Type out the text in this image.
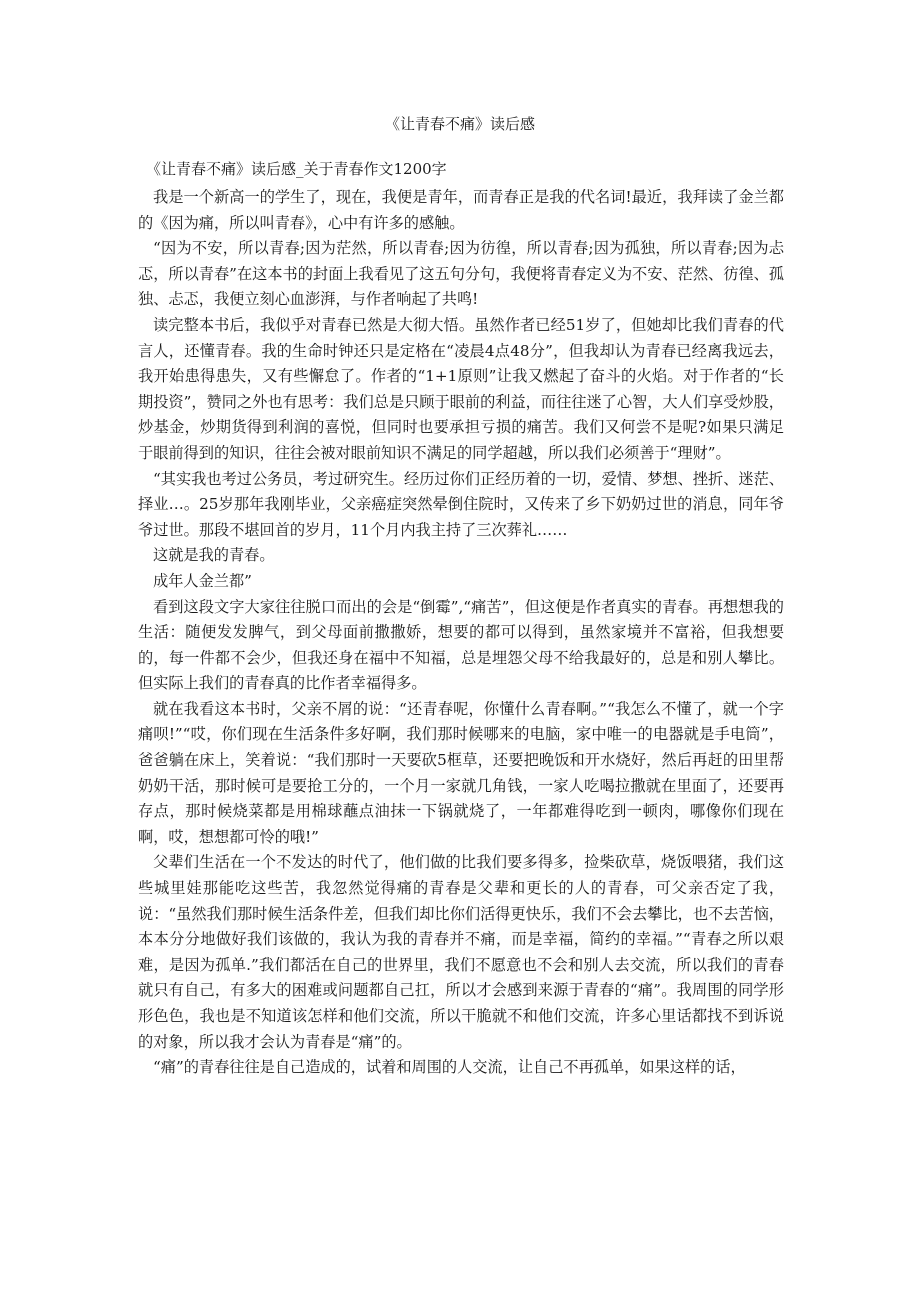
《让青春不痛》读后感
《让青春不痛》读后感_关于青春作文1200字

我是一个新高一的学生了，现在，我便是青年，而青春正是我的代名词!最近，我拜读了金兰都的《因为痛，所以叫青春》，心中有许多的感触。

“因为不安，所以青春;因为茫然，所以青春;因为彷徨，所以青春;因为孤独，所以青春;因为忐忑，所以青春”在这本书的封面上我看见了这五句分句，我便将青春定义为不安、茫然、彷徨、孤独、忐忑，我便立刻心血澎湃，与作者响起了共鸣!

读完整本书后，我似乎对青春已然是大彻大悟。虽然作者已经51岁了，但她却比我们青春的代言人，还懂青春。我的生命时钟还只是定格在“凌晨4点48分”，但我却认为青春已经离我远去，我开始患得患失，又有些懈怠了。作者的“1+1原则”让我又燃起了奋斗的火焰。对于作者的“长期投资”，赞同之外也有思考：我们总是只顾于眼前的利益，而往往迷了心智，大人们享受炒股，炒基金，炒期货得到利润的喜悦，但同时也要承担亏损的痛苦。我们又何尝不是呢?如果只满足于眼前得到的知识，往往会被对眼前知识不满足的同学超越，所以我们必须善于“理财”。

“其实我也考过公务员，考过研究生。经历过你们正经历着的一切，爱情、梦想、挫折、迷茫、择业…。25岁那年我刚毕业，父亲癌症突然晕倒住院时，又传来了乡下奶奶过世的消息，同年爷爷过世。那段不堪回首的岁月，11个月内我主持了三次葬礼……

这就是我的青春。

成年人金兰都”

看到这段文字大家往往脱口而出的会是“倒霉”,“痛苦”，但这便是作者真实的青春。再想想我的生活：随便发发脾气，到父母面前撒撒娇，想要的都可以得到，虽然家境并不富裕，但我想要的，每一件都不会少，但我还身在福中不知福，总是埋怨父母不给我最好的，总是和别人攀比。但实际上我们的青春真的比作者幸福得多。

就在我看这本书时，父亲不屑的说：“还青春呢，你懂什么青春啊。”“我怎么不懂了，就一个字痛呗!”“哎，你们现在生活条件多好啊，我们那时候哪来的电脑，家中唯一的电器就是手电筒”，爸爸躺在床上，笑着说：“我们那时一天要砍5框草，还要把晚饭和开水烧好，然后再赶的田里帮奶奶干活，那时候可是要抢工分的，一个月一家就几角钱，一家人吃喝拉撒就在里面了，还要再存点，那时候烧菜都是用棉球蘸点油抹一下锅就烧了，一年都难得吃到一顿肉，哪像你们现在啊，哎，想想都可怜的哦!”

父辈们生活在一个不发达的时代了，他们做的比我们要多得多，捡柴砍草，烧饭喂猪，我们这些城里娃那能吃这些苦，我忽然觉得痛的青春是父辈和更长的人的青春，可父亲否定了我，说：“虽然我们那时候生活条件差，但我们却比你们活得更快乐，我们不会去攀比，也不去苦恼，本本分分地做好我们该做的，我认为我的青春并不痛，而是幸福，简约的幸福。”“青春之所以艰难，是因为孤单.”我们都活在自己的世界里，我们不愿意也不会和别人去交流，所以我们的青春就只有自己，有多大的困难或问题都自己扛，所以才会感到来源于青春的“痛”。我周围的同学形形色色，我也是不知道该怎样和他们交流，所以干脆就不和他们交流，许多心里话都找不到诉说的对象，所以我才会认为青春是“痛”的。

“痛”的青春往往是自己造成的，试着和周围的人交流，让自己不再孤单，如果这样的话，
